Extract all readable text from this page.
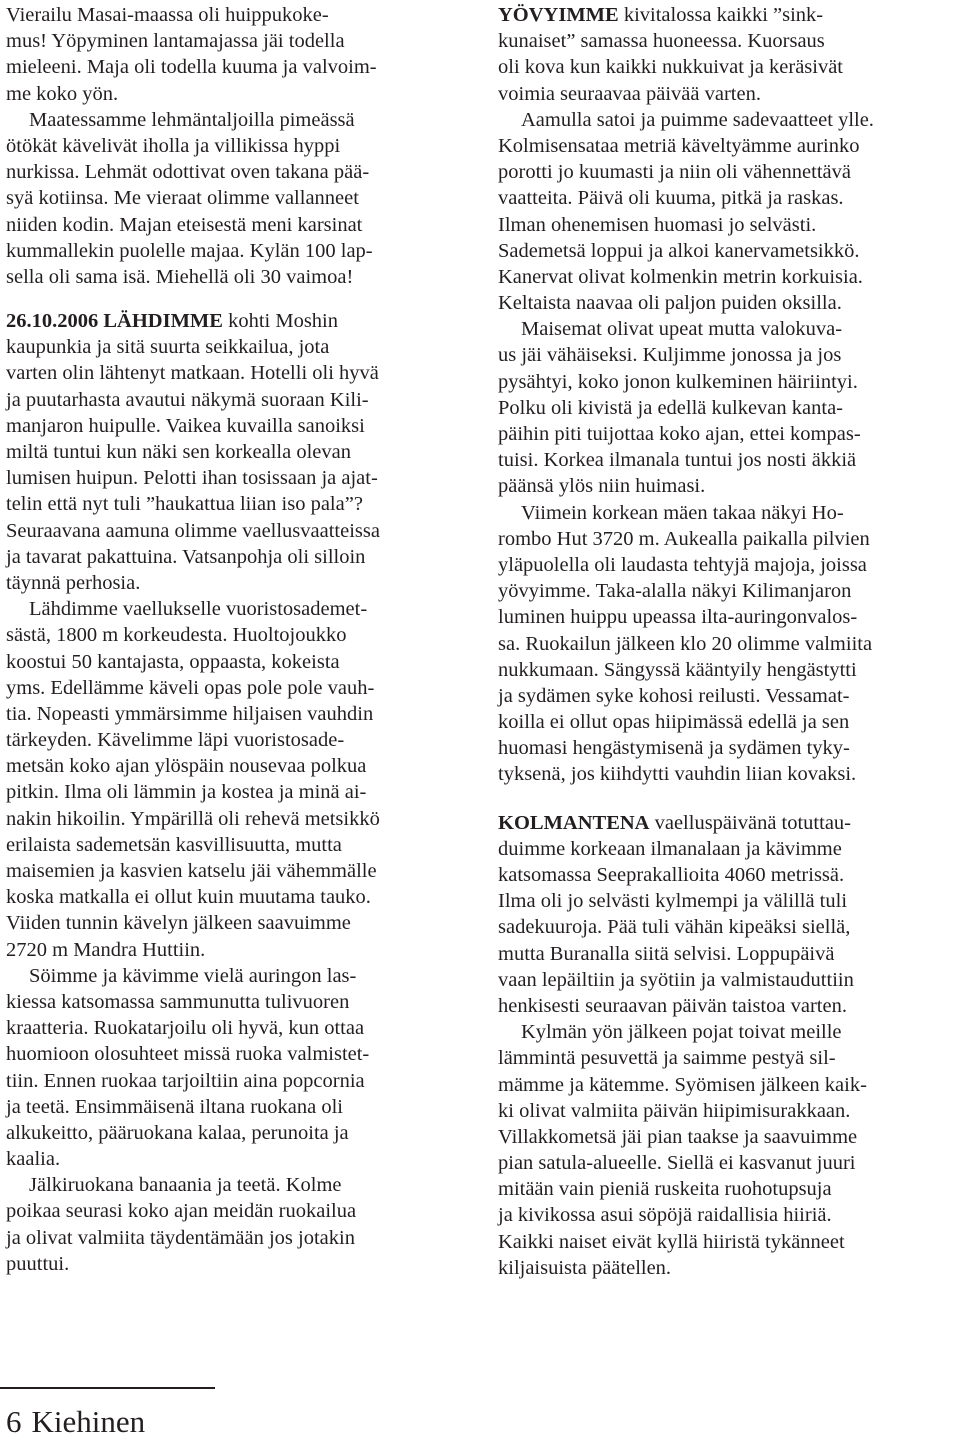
Vierailu Masai-maassa oli huippukoke-
mus! Yöpyminen lantamajassa jäi todella
mieleeni. Maja oli todella kuuma ja valvoim-
me koko yön.
Maatessamme lehmäntaljoilla pimeässä
ötökät kävelivät iholla ja villikissa hyppi
nurkissa. Lehmät odottivat oven takana pää-
syä kotiinsa. Me vieraat olimme vallanneet
niiden kodin. Majan eteisestä meni karsinat
kummallekin puolelle majaa. Kylän 100 lap-
sella oli sama isä. Miehellä oli 30 vaimoa!
26.10.2006 LÄHDIMME kohti Moshin
kaupunkia ja sitä suurta seikkailua, jota
varten olin lähtenyt matkaan. Hotelli oli hyvä
ja puutarhasta avautui näkymä suoraan Kili-
manjaron huipulle. Vaikea kuvailla sanoiksi
miltä tuntui kun näki sen korkealla olevan
lumisen huipun. Pelotti ihan tosissaan ja ajat-
telin että nyt tuli ”haukattua liian iso pala”?
Seuraavana aamuna olimme vaellusvaatteissa
ja tavarat pakattuina. Vatsanpohja oli silloin
täynnä perhosia.
Lähdimme vaellukselle vuoristosademet-
sästä, 1800 m korkeudesta. Huoltojoukko
koostui 50 kantajasta, oppaasta, kokeista
yms. Edellämme käveli opas pole pole vauh-
tia. Nopeasti ymmärsimme hiljaisen vauhdin
tärkeyden. Kävelimme läpi vuoristosade-
metsän koko ajan ylöspäin nousevaa polkua
pitkin. Ilma oli lämmin ja kostea ja minä ai-
nakin hikoilin. Ympärillä oli rehevä metsikkö
erilaista sademetsän kasvillisuutta, mutta
maisemien ja kasvien katselu jäi vähemmälle
koska matkalla ei ollut kuin muutama tauko.
Viiden tunnin kävelyn jälkeen saavuimme
2720 m Mandra Huttiin.
Söimme ja kävimme vielä auringon las-
kiessa katsomassa sammunutta tulivuoren
kraatteria. Ruokatarjoilu oli hyvä, kun ottaa
huomioon olosuhteet missä ruoka valmistet-
tiin. Ennen ruokaa tarjoiltiin aina popcornia
ja teetä. Ensimmäisenä iltana ruokana oli
alkukeitto, pääruokana kalaa, perunoita ja
kaalia.
Jälkiruokana banaania ja teetä. Kolme
poikaa seurasi koko ajan meidän ruokailua
ja olivat valmiita täydentämään jos jotakin
puuttui.
YÖVYIMME kivitalossa kaikki ”sink-
kunaiset” samassa huoneessa. Kuorsaus
oli kova kun kaikki nukkuivat ja keräsivät
voimia seuraavaa päivää varten.
Aamulla satoi ja puimme sadevaatteet ylle.
Kolmisensataa metriä käveltyämme aurinko
porotti jo kuumasti ja niin oli vähennettävä
vaatteita. Päivä oli kuuma, pitkä ja raskas.
Ilman ohenemisen huomasi jo selvästi.
Sademetsä loppui ja alkoi kanervametsikkö.
Kanervat olivat kolmenkin metrin korkuisia.
Keltaista naavaa oli paljon puiden oksilla.
Maisemat olivat upeat mutta valokuva-
us jäi vähäiseksi. Kuljimme jonossa ja jos
pysähtyi, koko jonon kulkeminen häiriintyi.
Polku oli kivistä ja edellä kulkevan kanta-
päihin piti tuijottaa koko ajan, ettei kompas-
tuisi. Korkea ilmanala tuntui jos nosti äkkiä
päänsä ylös niin huimasi.
Viimein korkean mäen takaa näkyi Ho-
rombo Hut 3720 m. Aukealla paikalla pilvien
yläpuolella oli laudasta tehtyjä majoja, joissa
yövyimme. Taka-alalla näkyi Kilimanjaron
luminen huippu upeassa ilta-auringonvalos-
sa. Ruokailun jälkeen klo 20 olimme valmiita
nukkumaan. Sängyssä kääntyily hengästytti
ja sydämen syke kohosi reilusti. Vessamat-
koilla ei ollut opas hiipimässä edellä ja sen
huomasi hengästymisenä ja sydämen tyky-
tyksenä, jos kiihdytti vauhdin liian kovaksi.
KOLMANTENA vaelluspäivänä totuttau-
duimme korkeaan ilmanalaan ja kävimme
katsomassa Seeprakallioita 4060 metrissä.
Ilma oli jo selvästi kylmempi ja välillä tuli
sadekuuroja. Pää tuli vähän kipeäksi siellä,
mutta Buranalla siitä selvisi. Loppupäivä
vaan lepäiltiin ja syötiin ja valmistauduttiin
henkisesti seuraavan päivän taistoa varten.
Kylmän yön jälkeen pojat toivat meille
lämmintä pesuvettä ja saimme pestyä sil-
mämme ja kätemme. Syömisen jälkeen kaik-
ki olivat valmiita päivän hiipimisurakkaan.
Villakkometsä jäi pian taakse ja saavuimme
pian satula-alueelle. Siellä ei kasvanut juuri
mitään vain pieniä ruskeita ruohotupsuja
ja kivikossa asui söpöjä raidallisia hiiriä.
Kaikki naiset eivät kyllä hiiristä tykänneet
kiljaisuista päätellen.
6 Kiehinen
